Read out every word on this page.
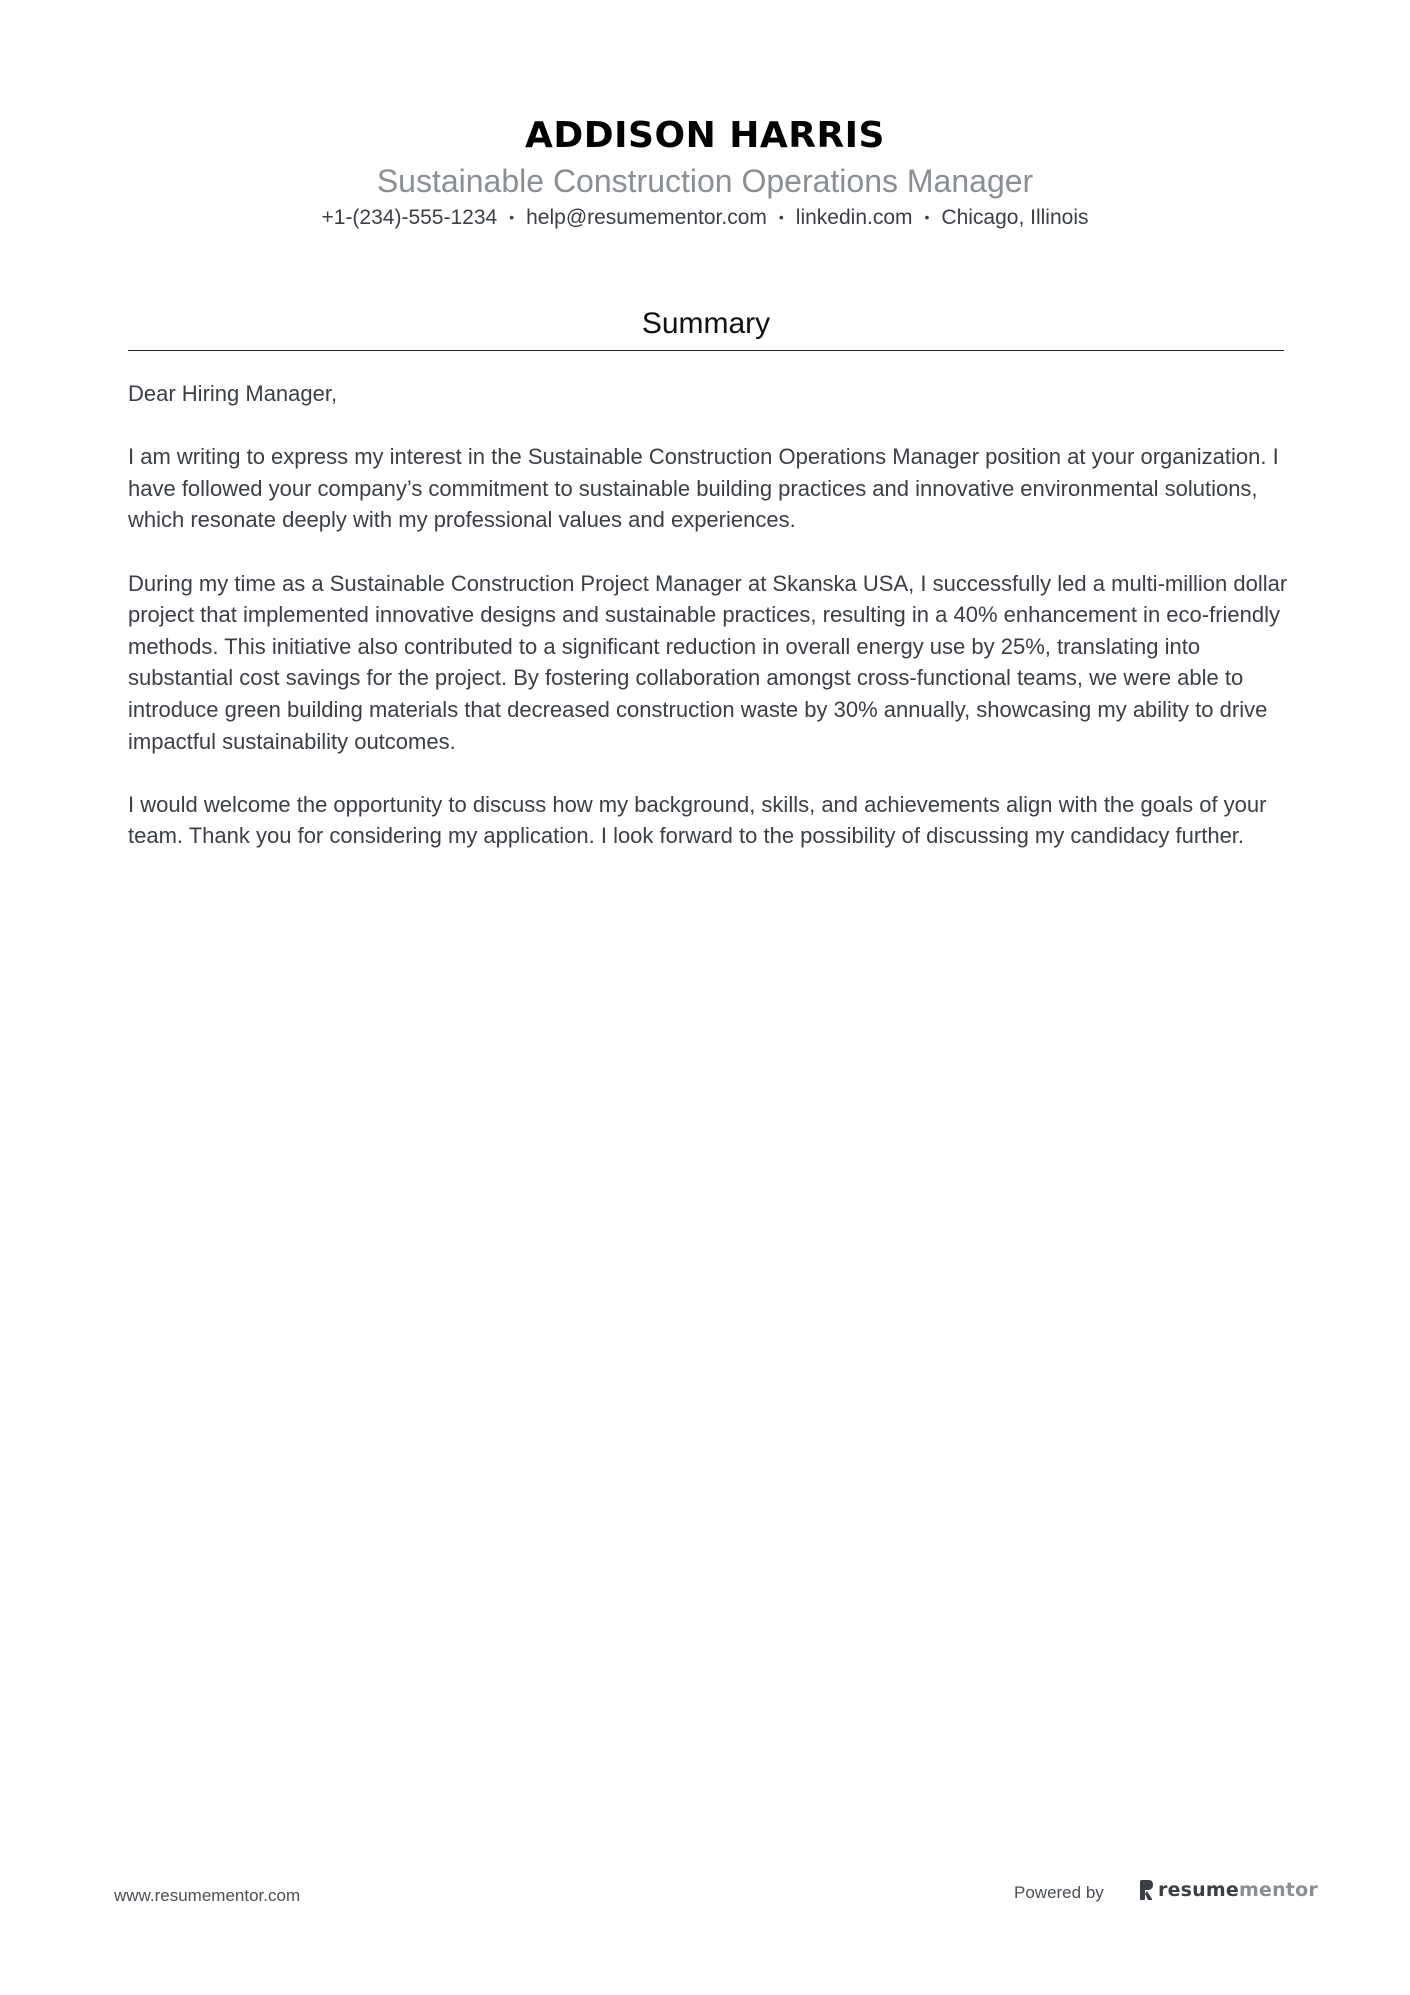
ADDISON HARRIS
Sustainable Construction Operations Manager
+1-(234)-555-1234 • help@resumementor.com • linkedin.com • Chicago, Illinois
Summary

Dear Hiring Manager,

I am writing to express my interest in the Sustainable Construction Operations Manager position at your organization. I have followed your company’s commitment to sustainable building practices and innovative environmental solutions, which resonate deeply with my professional values and experiences.

During my time as a Sustainable Construction Project Manager at Skanska USA, I successfully led a multi-million dollar project that implemented innovative designs and sustainable practices, resulting in a 40% enhancement in eco-friendly methods. This initiative also contributed to a significant reduction in overall energy use by 25%, translating into substantial cost savings for the project. By fostering collaboration amongst cross-functional teams, we were able to introduce green building materials that decreased construction waste by 30% annually, showcasing my ability to drive impactful sustainability outcomes.

I would welcome the opportunity to discuss how my background, skills, and achievements align with the goals of your team. Thank you for considering my application. I look forward to the possibility of discussing my candidacy further.

www.resumementor.com	Powered by	resumementor
